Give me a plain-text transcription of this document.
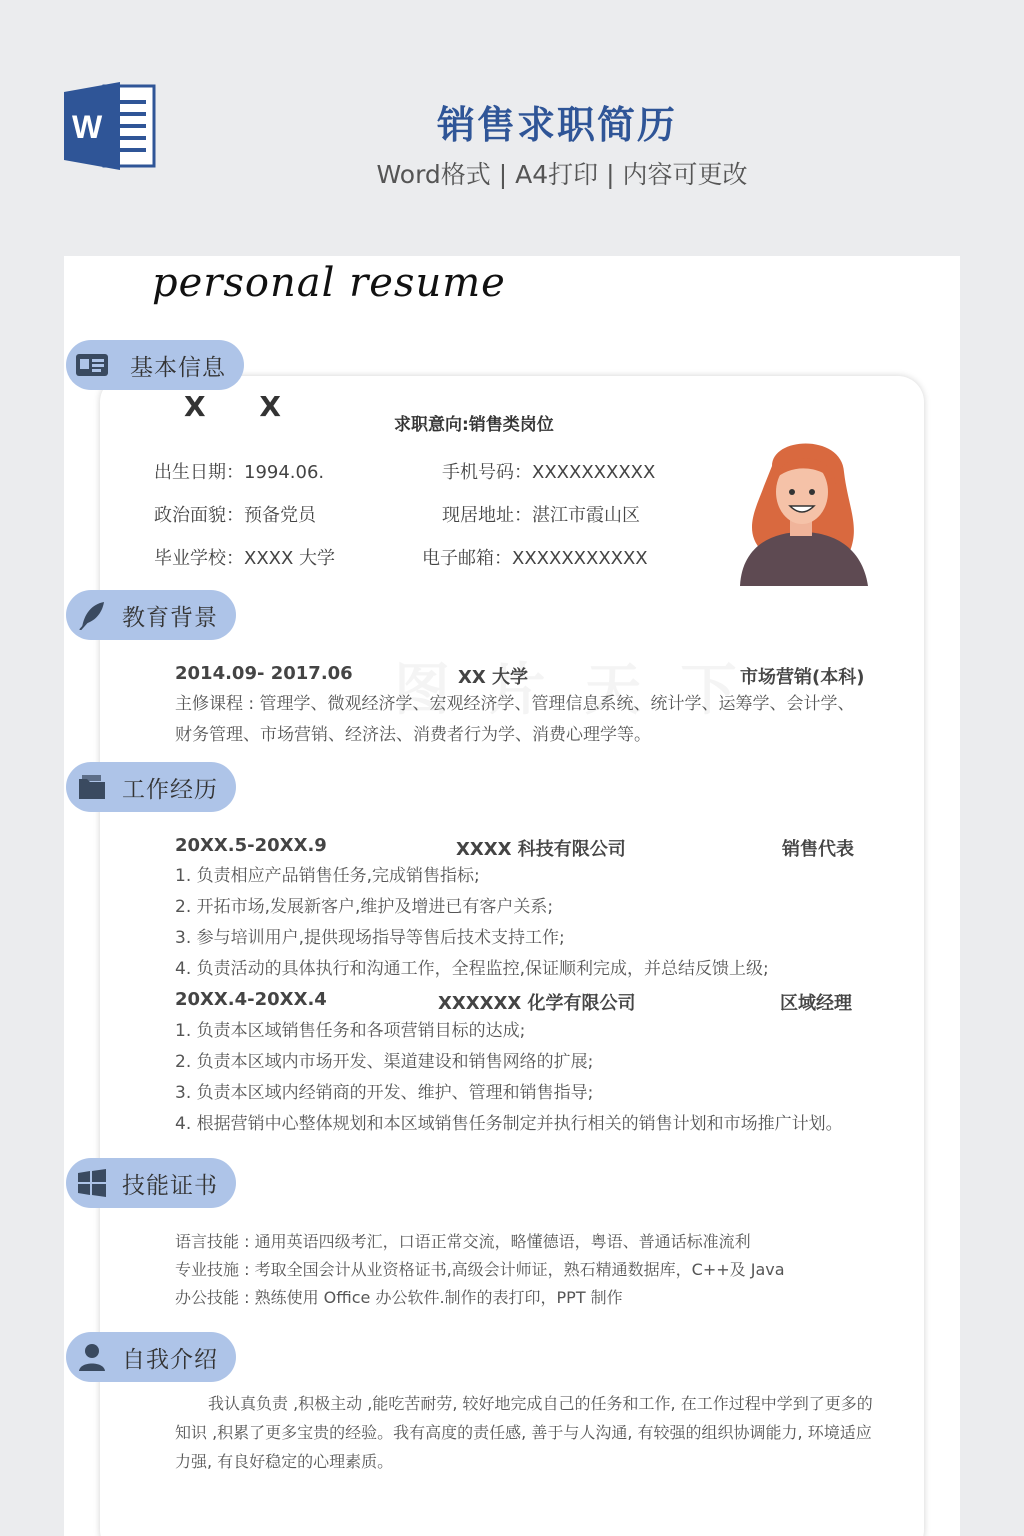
W	销售求职简历
Word格式 | A4打印 | 内容可更改
personal resume
基本信息
X X
求职意向:销售类岗位
出生日期：1994.06.	手机号码：XXXXXXXXXX
政治面貌：预备党员	现居地址：湛江市霞山区
毕业学校：XXXX 大学	电子邮箱：XXXXXXXXXXX
教育背景
2014.09- 2017.06	XX 大学	市场营销(本科)
主修课程 : 管理学、微观经济学、宏观经济学、管理信息系统、统计学、运筹学、会计学、
财务管理、市场营销、经济法、消费者行为学、消费心理学等。
工作经历
20XX.5-20XX.9	XXXX 科技有限公司	销售代表
1. 负责相应产品销售任务,完成销售指标;
2. 开拓市场,发展新客户,维护及增进已有客户关系;
3. 参与培训用户,提供现场指导等售后技术支持工作;
4. 负责活动的具体执行和沟通工作，全程监控,保证顺利完成，并总结反馈上级;
20XX.4-20XX.4	XXXXXX 化学有限公司	区域经理
1. 负责本区域销售任务和各项营销目标的达成;
2. 负责本区域内市场开发、渠道建设和销售网络的扩展;
3. 负责本区域内经销商的开发、维护、管理和销售指导;
4. 根据营销中心整体规划和本区域销售任务制定并执行相关的销售计划和市场推广计划。
技能证书
语言技能 : 通用英语四级考汇，口语正常交流，略懂德语，粤语、普通话标准流利
专业技施 : 考取全国会计从业资格证书,高级会计师证，熟石精通数据库，C++及 Java
办公技能 : 熟练使用 Office 办公软件.制作的表打印，PPT 制作
自我介绍
我认真负责 ,积极主动 ,能吃苦耐劳, 较好地完成自己的任务和工作, 在工作过程中学到了更多的知识 ,积累了更多宝贵的经验。我有高度的责任感, 善于与人沟通, 有较强的组织协调能力, 环境适应力强, 有良好稳定的心理素质。
